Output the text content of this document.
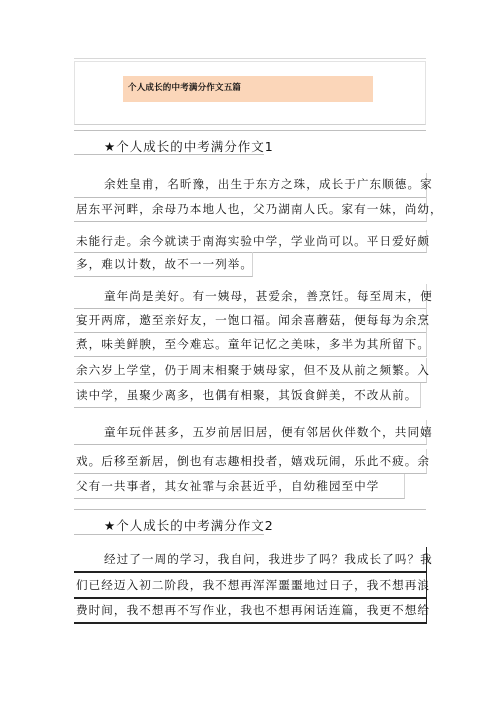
个人成长的中考满分作文五篇
★个人成长的中考满分作文1
余姓皇甫，名昕豫，出生于东方之珠，成长于广东顺德。家
居东平河畔，余母乃本地人也，父乃湖南人氏。家有一妹，尚幼，
未能行走。余今就读于南海实验中学，学业尚可以。平日爱好颇
多，难以计数，故不一一列举。
童年尚是美好。有一姨母，甚爱余，善烹饪。每至周末，便
宴开两席，邀至亲好友，一饱口福。闻余喜蘑菇，便每每为余烹
煮，味美鲜腴，至今难忘。童年记忆之美味，多半为其所留下。
余六岁上学堂，仍于周末相聚于姨母家，但不及从前之频繁。入
读中学，虽聚少离多，也偶有相聚，其饭食鲜美，不改从前。
童年玩伴甚多，五岁前居旧居，便有邻居伙伴数个，共同嬉
戏。后移至新居，倒也有志趣相投者，嬉戏玩闹，乐此不疲。余
父有一共事者，其女祉霏与余甚近乎，自幼稚园至中学
★个人成长的中考满分作文2
经过了一周的学习，我自问，我进步了吗？我成长了吗？我
们已经迈入初二阶段，我不想再浑浑噩噩地过日子，我不想再浪
费时间，我不想再不写作业，我也不想再闲话连篇，我更不想给
